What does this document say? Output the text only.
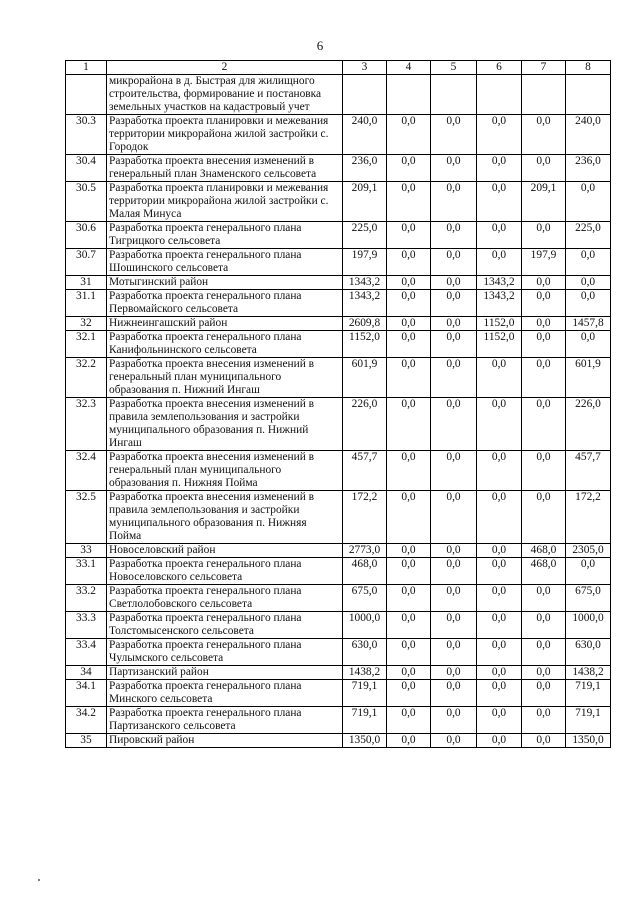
6
1	2	3	4	5	6	7	8
	микрорайона в д. Быстрая для жилищного строительства, формирование и постановка земельных участков на кадастровый учет						
30.3	Разработка проекта планировки и межевания территории микрорайона жилой застройки с. Городок	240,0	0,0	0,0	0,0	0,0	240,0
30.4	Разработка проекта внесения изменений в генеральный план Знаменского сельсовета	236,0	0,0	0,0	0,0	0,0	236,0
30.5	Разработка проекта планировки и межевания территории микрорайона жилой застройки с. Малая Минуса	209,1	0,0	0,0	0,0	209,1	0,0
30.6	Разработка проекта генерального плана Тигрицкого сельсовета	225,0	0,0	0,0	0,0	0,0	225,0
30.7	Разработка проекта генерального плана Шошинского сельсовета	197,9	0,0	0,0	0,0	197,9	0,0
31	Мотыгинский район	1343,2	0,0	0,0	1343,2	0,0	0,0
31.1	Разработка проекта генерального плана Первомайского сельсовета	1343,2	0,0	0,0	1343,2	0,0	0,0
32	Нижнеингашский район	2609,8	0,0	0,0	1152,0	0,0	1457,8
32.1	Разработка проекта генерального плана Канифольнинского сельсовета	1152,0	0,0	0,0	1152,0	0,0	0,0
32.2	Разработка проекта внесения изменений в генеральный план муниципального образования п. Нижний Ингаш	601,9	0,0	0,0	0,0	0,0	601,9
32.3	Разработка проекта внесения изменений в правила землепользования и застройки муниципального образования п. Нижний Ингаш	226,0	0,0	0,0	0,0	0,0	226,0
32.4	Разработка проекта внесения изменений в генеральный план муниципального образования п. Нижняя Пойма	457,7	0,0	0,0	0,0	0,0	457,7
32.5	Разработка проекта внесения изменений в правила землепользования и застройки муниципального образования п. Нижняя Пойма	172,2	0,0	0,0	0,0	0,0	172,2
33	Новоселовский район	2773,0	0,0	0,0	0,0	468,0	2305,0
33.1	Разработка проекта генерального плана Новоселовского сельсовета	468,0	0,0	0,0	0,0	468,0	0,0
33.2	Разработка проекта генерального плана Светлолобовского сельсовета	675,0	0,0	0,0	0,0	0,0	675,0
33.3	Разработка проекта генерального плана Толстомысенского сельсовета	1000,0	0,0	0,0	0,0	0,0	1000,0
33.4	Разработка проекта генерального плана Чулымского сельсовета	630,0	0,0	0,0	0,0	0,0	630,0
34	Партизанский район	1438,2	0,0	0,0	0,0	0,0	1438,2
34.1	Разработка проекта генерального плана Минского сельсовета	719,1	0,0	0,0	0,0	0,0	719,1
34.2	Разработка проекта генерального плана Партизанского сельсовета	719,1	0,0	0,0	0,0	0,0	719,1
35	Пировский район	1350,0	0,0	0,0	0,0	0,0	1350,0
